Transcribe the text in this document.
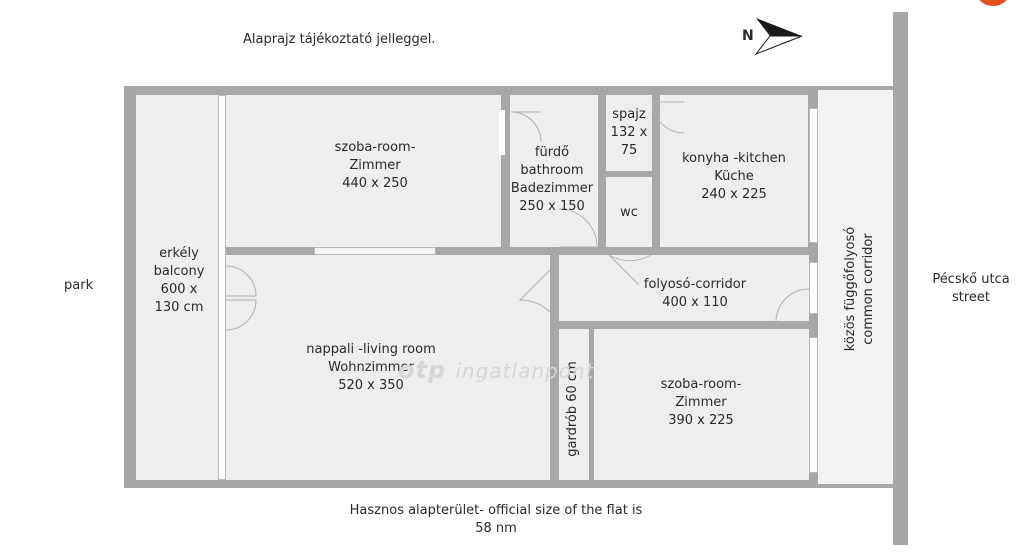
Alaprajz tájékoztató jelleggel.	N
erkély
balcony
600 x
130 cm
szoba-room-
Zimmer
440 x 250
fürdő
bathroom
Badezimmer
250 x 150
spajz
132 x
75
wc
konyha -kitchen
Küche
240 x 225
folyosó-corridor
400 x 110
nappali -living room
Wohnzimmer
520 x 350	gardrób 60 cm	szoba-room-
Zimmer
390 x 225
közös függőfolyosó common corridor
park	Pécskő utca
street
otp ingatlanpont
Hasznos alapterület- official size of the flat is
58 nm
